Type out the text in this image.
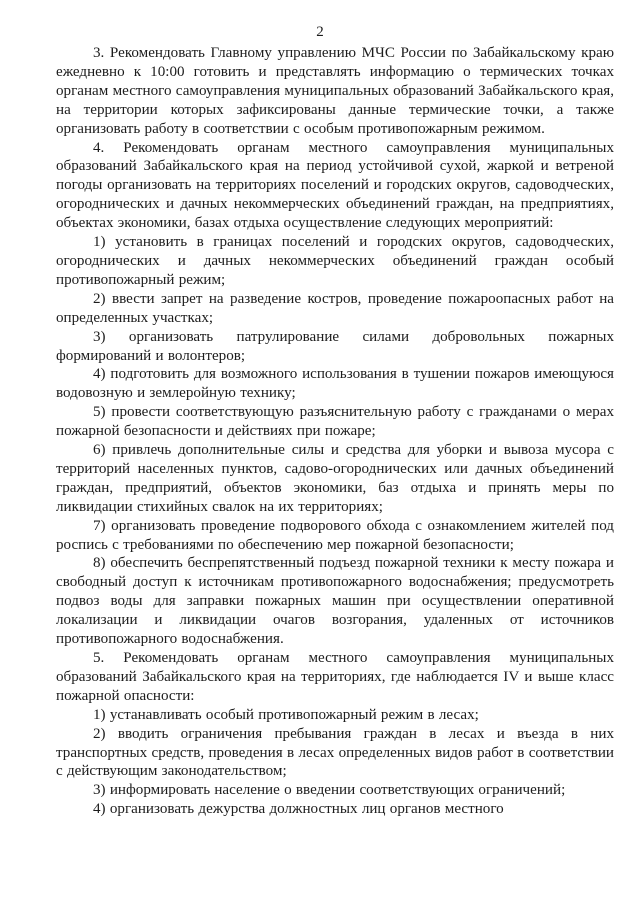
2

3. Рекомендовать Главному управлению МЧС России по Забайкальскому краю ежедневно к 10:00 готовить и представлять информацию о термических точках органам местного самоуправления муниципальных образований Забайкальского края, на территории которых зафиксированы данные термические точки, а также организовать работу в соответствии с особым противопожарным режимом.

4. Рекомендовать органам местного самоуправления муниципальных образований Забайкальского края на период устойчивой сухой, жаркой и ветреной погоды организовать на территориях поселений и городских округов, садоводческих, огороднических и дачных некоммерческих объединений граждан, на предприятиях, объектах экономики, базах отдыха осуществление следующих мероприятий:

1) установить в границах поселений и городских округов, садоводческих, огороднических и дачных некоммерческих объединений граждан особый противопожарный режим;

2) ввести запрет на разведение костров, проведение пожароопасных работ на определенных участках;

3) организовать патрулирование силами добровольных пожарных формирований и волонтеров;

4) подготовить для возможного использования в тушении пожаров имеющуюся водовозную и землеройную технику;

5) провести соответствующую разъяснительную работу с гражданами о мерах пожарной безопасности и действиях при пожаре;

6) привлечь дополнительные силы и средства для уборки и вывоза мусора с территорий населенных пунктов, садово-огороднических или дачных объединений граждан, предприятий, объектов экономики, баз отдыха и принять меры по ликвидации стихийных свалок на их территориях;

7) организовать проведение подворового обхода с ознакомлением жителей под роспись с требованиями по обеспечению мер пожарной безопасности;

8) обеспечить беспрепятственный подъезд пожарной техники к месту пожара и свободный доступ к источникам противопожарного водоснабжения; предусмотреть подвоз воды для заправки пожарных машин при осуществлении оперативной локализации и ликвидации очагов возгорания, удаленных от источников противопожарного водоснабжения.

5. Рекомендовать органам местного самоуправления муниципальных образований Забайкальского края на территориях, где наблюдается IV и выше класс пожарной опасности:

1) устанавливать особый противопожарный режим в лесах;

2) вводить ограничения пребывания граждан в лесах и въезда в них транспортных средств, проведения в лесах определенных видов работ в соответствии с действующим законодательством;

3) информировать население о введении соответствующих ограничений;

4) организовать дежурства должностных лиц органов местного
